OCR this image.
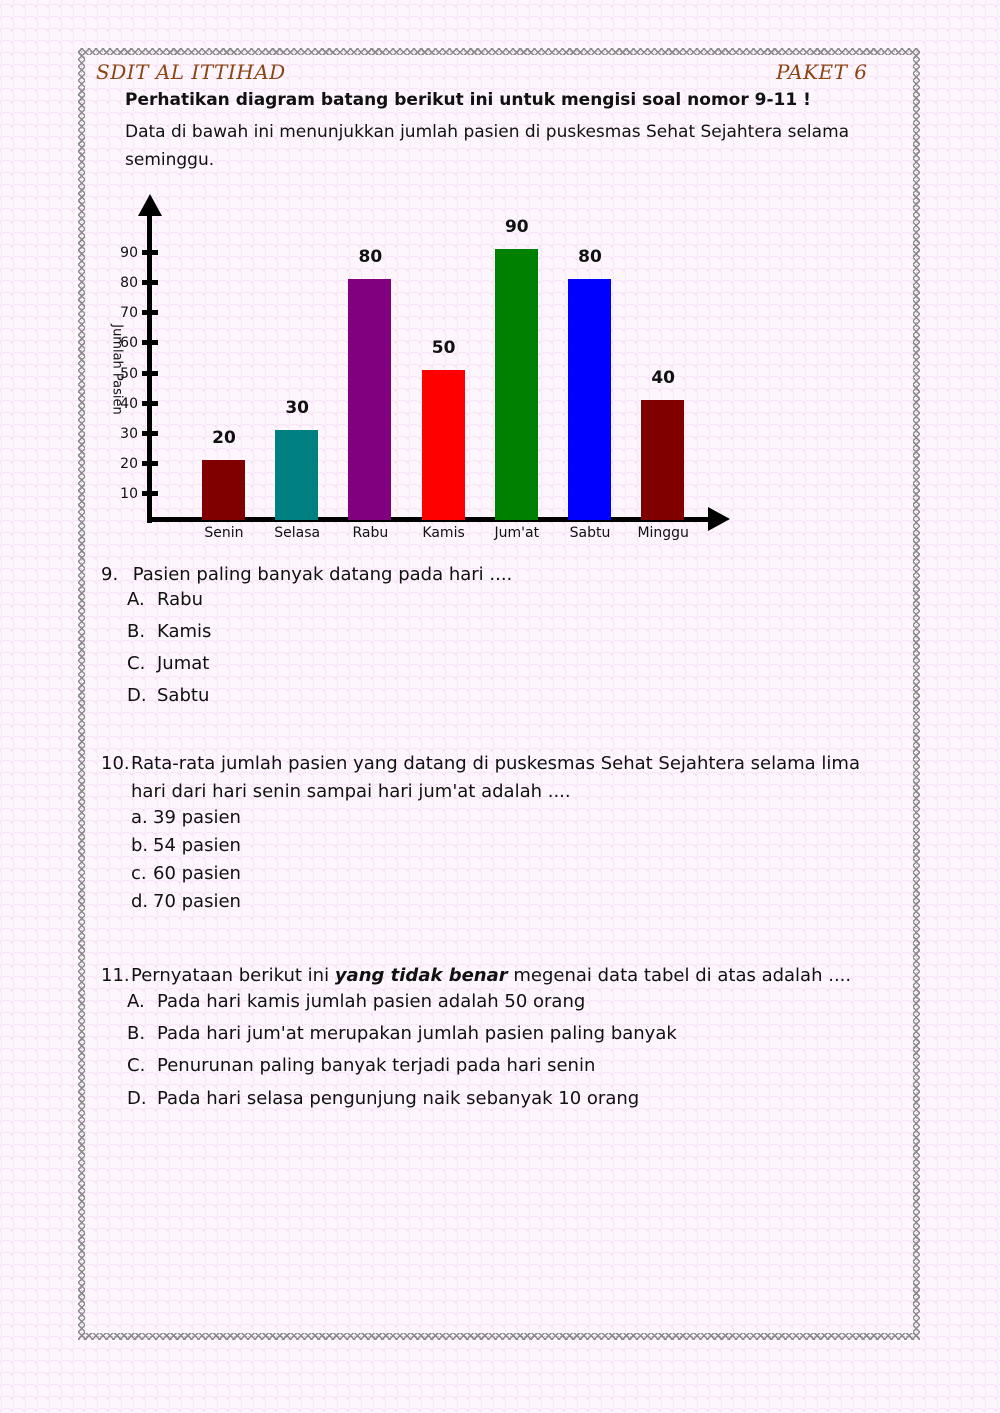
SDIT AL ITTIHAD	PAKET 6
Perhatikan diagram batang berikut ini untuk mengisi soal nomor 9-11 !
Data di bawah ini menunjukkan jumlah pasien di puskesmas Sehat Sejahtera selama seminggu.
Jumlah Pasien
10
20
30
40
50
60
70
80
90
20
Senin
30
Selasa
80
Rabu
50
Kamis
90
Jum'at
80
Sabtu
40
Minggu
9. Pasien paling banyak datang pada hari ....
A. Rabu
B. Kamis
C. Jumat
D. Sabtu
10.Rata-rata jumlah pasien yang datang di puskesmas Sehat Sejahtera selama lima
hari dari hari senin sampai hari jum'at adalah ....
a. 39 pasien
b. 54 pasien
c. 60 pasien
d. 70 pasien
11.Pernyataan berikut ini yang tidak benar megenai data tabel di atas adalah ....
A. Pada hari kamis jumlah pasien adalah 50 orang
B. Pada hari jum'at merupakan jumlah pasien paling banyak
C. Penurunan paling banyak terjadi pada hari senin
D. Pada hari selasa pengunjung naik sebanyak 10 orang
